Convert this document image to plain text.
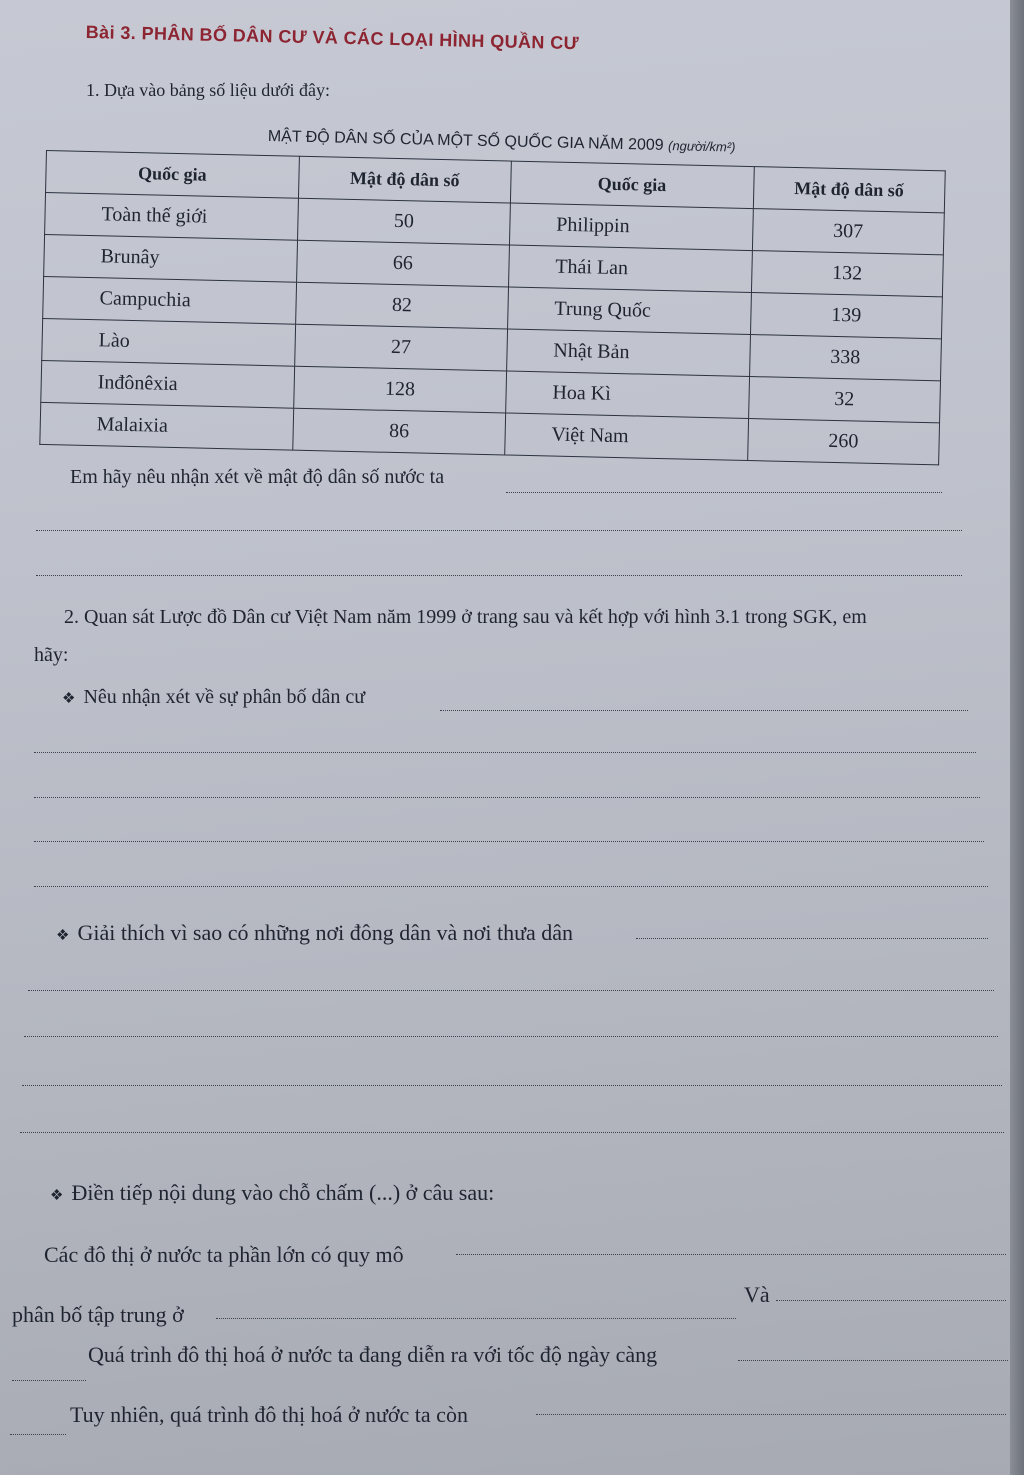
Bài 3. PHÂN BỐ DÂN CƯ VÀ CÁC LOẠI HÌNH QUẦN CƯ
1. Dựa vào bảng số liệu dưới đây:
MẬT ĐỘ DÂN SỐ CỦA MỘT SỐ QUỐC GIA NĂM 2009 (người/km²)
Quốc gia	Mật độ dân số	Quốc gia	Mật độ dân số
Toàn thế giới	50	Philippin	307
Brunây	66	Thái Lan	132
Campuchia	82	Trung Quốc	139
Lào	27	Nhật Bản	338
Inđônêxia	128	Hoa Kì	32
Malaixia	86	Việt Nam	260
Em hãy nêu nhận xét về mật độ dân số nước ta
2. Quan sát Lược đồ Dân cư Việt Nam năm 1999 ở trang sau và kết hợp với hình 3.1 trong SGK, em
hãy:
❖ Nêu nhận xét về sự phân bố dân cư
❖ Giải thích vì sao có những nơi đông dân và nơi thưa dân
❖ Điền tiếp nội dung vào chỗ chấm (...) ở câu sau:
Các đô thị ở nước ta phần lớn có quy mô
phân bố tập trung ở
Và
Quá trình đô thị hoá ở nước ta đang diễn ra với tốc độ ngày càng
Tuy nhiên, quá trình đô thị hoá ở nước ta còn
